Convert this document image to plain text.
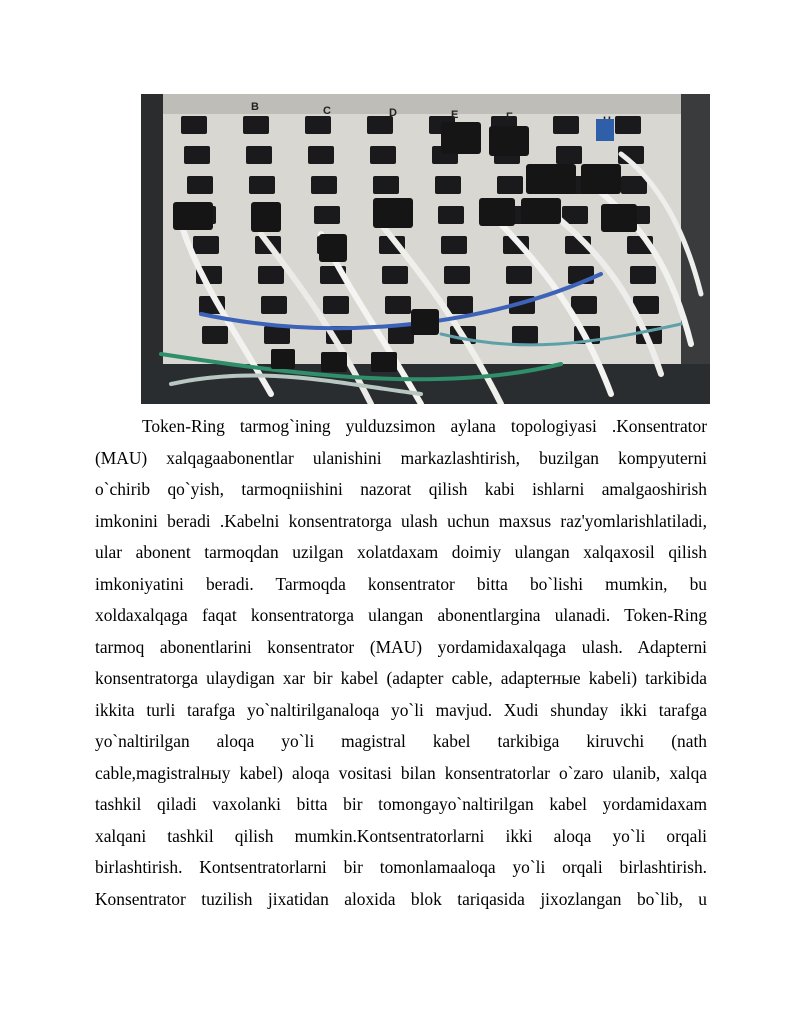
B	C	D	E	F
Token-Ring tarmog`ining yulduzsimon aylana topologiyasi .Konsentrator
(MAU) xalqagaabonentlar ulanishini markazlashtirish, buzilgan kompyuterni
o`chirib qo`yish, tarmoqniishini nazorat qilish kabi ishlarni amalgaoshirish
imkonini beradi .Kabelni konsentratorga ulash uchun maxsus raz'yomlarishlatiladi,
ular abonent tarmoqdan uzilgan xolatdaxam doimiy ulangan xalqaxosil qilish
imkoniyatini beradi. Tarmoqda konsentrator bitta bo`lishi mumkin, bu
xoldaxalqaga faqat konsentratorga ulangan abonentlargina ulanadi. Token-Ring
tarmoq abonentlarini konsentrator (MAU) yordamidaxalqaga ulash. Adapterni
konsentratorga ulaydigan xar bir kabel (adapter cable, adapterные kabeli) tarkibida
ikkita turli tarafga yo`naltirilganaloqa yo`li mavjud. Xudi shunday ikki tarafga
yo`naltirilgan aloqa yo`li magistral kabel tarkibiga kiruvchi (nath
cable,magistralныy kabel) aloqa vositasi bilan konsentratorlar o`zaro ulanib, xalqa
tashkil qiladi vaxolanki bitta bir tomongayo`naltirilgan kabel yordamidaxam
xalqani tashkil qilish mumkin.Kontsentratorlarni ikki aloqa yo`li orqali
birlashtirish. Kontsentratorlarni bir tomonlamaaloqa yo`li orqali birlashtirish.
Konsentrator tuzilish jixatidan aloxida blok tariqasida jixozlangan bo`lib, u
